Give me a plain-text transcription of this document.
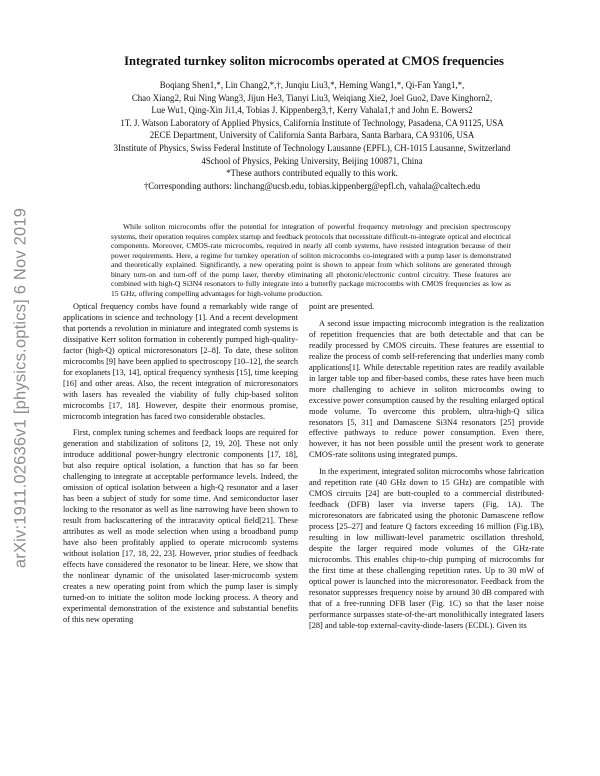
arXiv:1911.02636v1 [physics.optics] 6 Nov 2019
Integrated turnkey soliton microcombs operated at CMOS frequencies
Boqiang Shen1,*, Lin Chang2,*,†, Junqiu Liu3,*, Heming Wang1,*, Qi-Fan Yang1,*,
Chao Xiang2, Rui Ning Wang3, Jijun He3, Tianyi Liu3, Weiqiang Xie2, Joel Guo2, Dave Kinghorn2,
Lue Wu1, Qing-Xin Ji1,4, Tobias J. Kippenberg3,†, Kerry Vahala1,† and John E. Bowers2
1T. J. Watson Laboratory of Applied Physics, California Institute of Technology, Pasadena, CA 91125, USA
2ECE Department, University of California Santa Barbara, Santa Barbara, CA 93106, USA
3Institute of Physics, Swiss Federal Institute of Technology Lausanne (EPFL), CH-1015 Lausanne, Switzerland
4School of Physics, Peking University, Beijing 100871, China
*These authors contributed equally to this work.
†Corresponding authors: linchang@ucsb.edu, tobias.kippenberg@epfl.ch, vahala@caltech.edu
While soliton microcombs offer the potential for integration of powerful frequency metrology and precision spectroscopy systems, their operation requires complex startup and feedback protocols that necessitate difficult-to-integrate optical and electrical components. Moreover, CMOS-rate microcombs, required in nearly all comb systems, have resisted integration because of their power requirements. Here, a regime for turnkey operation of soliton microcombs co-integrated with a pump laser is demonstrated and theoretically explained. Significantly, a new operating point is shown to appear from which solitons are generated through binary turn-on and turn-off of the pump laser, thereby eliminating all photonic/electronic control circuitry. These features are combined with high-Q Si3N4 resonators to fully integrate into a butterfly package microcombs with CMOS frequencies as low as 15 GHz, offering compelling advantages for high-volume production.

Optical frequency combs have found a remarkably wide range of applications in science and technology [1]. And a recent development that portends a revolution in miniature and integrated comb systems is dissipative Kerr soliton formation in coherently pumped high-quality-factor (high-Q) optical microresonators [2–8]. To date, these soliton microcombs [9] have been applied to spectroscopy [10–12], the search for exoplanets [13, 14], optical frequency synthesis [15], time keeping [16] and other areas. Also, the recent integration of microresonators with lasers has revealed the viability of fully chip-based soliton microcombs [17, 18]. However, despite their enormous promise, microcomb integration has faced two considerable obstacles.

First, complex tuning schemes and feedback loops are required for generation and stabilization of solitons [2, 19, 20]. These not only introduce additional power-hungry electronic components [17, 18], but also require optical isolation, a function that has so far been challenging to integrate at acceptable performance levels. Indeed, the omission of optical isolation between a high-Q resonator and a laser has been a subject of study for some time. And semiconductor laser locking to the resonator as well as line narrowing have been shown to result from backscattering of the intracavity optical field[21]. These attributes as well as mode selection when using a broadband pump have also been profitably applied to operate microcomb systems without isolation [17, 18, 22, 23]. However, prior studies of feedback effects have considered the resonator to be linear. Here, we show that the nonlinear dynamic of the unisolated laser-microcomb system creates a new operating point from which the pump laser is simply turned-on to initiate the soliton mode locking process. A theory and experimental demonstration of the existence and substantial benefits of this new operating

point are presented.

A second issue impacting microcomb integration is the realization of repetition frequencies that are both detectable and that can be readily processed by CMOS circuits. These features are essential to realize the process of comb self-referencing that underlies many comb applications[1]. While detectable repetition rates are readily available in larger table top and fiber-based combs, these rates have been much more challenging to achieve in soliton microcombs owing to excessive power consumption caused by the resulting enlarged optical mode volume. To overcome this problem, ultra-high-Q silica resonators [5, 31] and Damascene Si3N4 resonators [25] provide effective pathways to reduce power consumption. Even there, however, it has not been possible until the present work to generate CMOS-rate solitons using integrated pumps.

In the experiment, integrated soliton microcombs whose fabrication and repetition rate (40 GHz down to 15 GHz) are compatible with CMOS circuits [24] are butt-coupled to a commercial distributed-feedback (DFB) laser via inverse tapers (Fig. 1A). The microresonators are fabricated using the photonic Damascene reflow process [25–27] and feature Q factors exceeding 16 million (Fig.1B), resulting in low milliwatt-level parametric oscillation threshold, despite the larger required mode volumes of the GHz-rate microcombs. This enables chip-to-chip pumping of microcombs for the first time at these challenging repetition rates. Up to 30 mW of optical power is launched into the microresonator. Feedback from the resonator suppresses frequency noise by around 30 dB compared with that of a free-running DFB laser (Fig. 1C) so that the laser noise performance surpasses state-of-the-art monolithically integrated lasers [28] and table-top external-cavity-diode-lasers (ECDL). Given its
